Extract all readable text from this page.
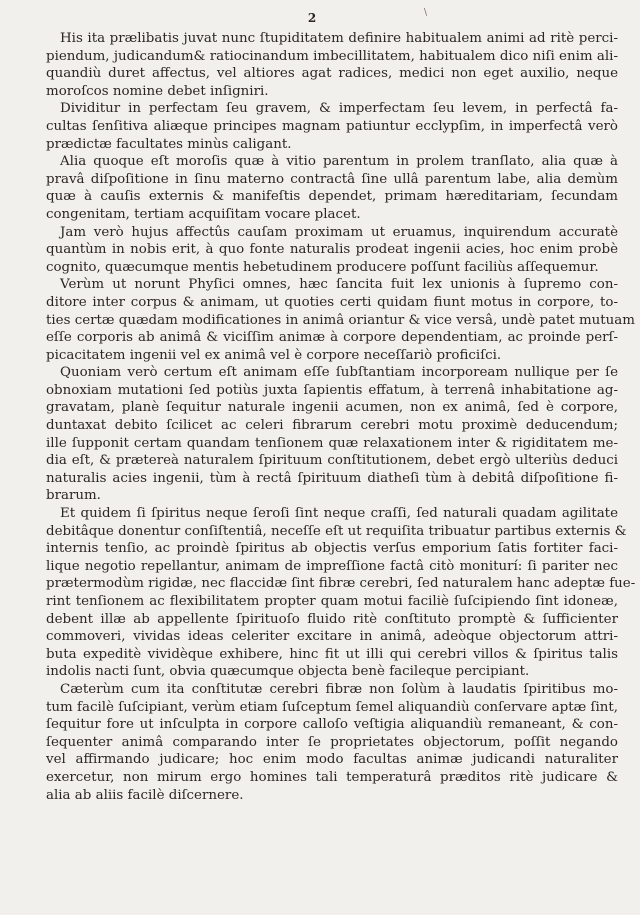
2	\
His ita prælibatis juvat nunc ſtupiditatem definire habitualem animi ad ritè perci-
piendum, judicandum& ratiocinandum imbecillitatem, habitualem dico niſi enim ali-
quandiù duret affectus, vel altiores agat radices, medici non eget auxilio, neque
moroſcos nomine debet inſigniri.
Dividitur in perfectam ſeu gravem, & imperfectam ſeu levem, in perfectâ fa-
cultas ſenſitiva aliæque principes magnam patiuntur ecclypſim, in imperfectâ verò
prædictæ facultates minùs caligant.
Alia quoque eſt moroſis quæ à vitio parentum in prolem tranſlato, alia quæ à
pravâ diſpoſitione in ſinu materno contractâ ſine ullâ parentum labe, alia demùm
quæ à cauſis externis & manifeſtis dependet, primam hæreditariam, ſecundam
congenitam, tertiam acquiſitam vocare placet.
Jam verò hujus affectûs cauſam proximam ut eruamus, inquirendum accuratè
quantùm in nobis erit, à quo fonte naturalis prodeat ingenii acies, hoc enim probè
cognito, quæcumque mentis hebetudinem producere poſſunt faciliùs aſſequemur.
Verùm ut norunt Phyſici omnes, hæc ſancita fuit lex unionis à ſupremo con-
ditore inter corpus & animam, ut quoties certi quidam fiunt motus in corpore, to-
ties certæ quædam modificationes in animâ oriantur & vice versâ, undè patet mutuam
eſſe corporis ab animâ & viciſſim animæ à corpore dependentiam, ac proinde perſ-
picacitatem ingenii vel ex animâ vel è corpore neceſſariò proficiſci.
Quoniam verò certum eſt animam eſſe ſubſtantiam incorpoream nullique per ſe
obnoxiam mutationi ſed potiùs juxta ſapientis effatum, à terrenâ inhabitatione ag-
gravatam, planè ſequitur naturale ingenii acumen, non ex animâ, ſed è corpore,
duntaxat debito ſcilicet ac celeri fibrarum cerebri motu proximè deducendum;
ille ſupponit certam quandam tenſionem quæ relaxationem inter & rigiditatem me-
dia eſt, & prætereà naturalem ſpirituum conſtitutionem, debet ergò ulteriùs deduci
naturalis acies ingenii, tùm à rectâ ſpirituum diatheſi tùm à debitâ diſpoſitione fi-
brarum.
Et quidem ſi ſpiritus neque ſeroſi ſint neque craſſi, ſed naturali quadam agilitate
debitâque donentur conſiſtentiâ, neceſſe eſt ut requiſita tribuatur partibus externis &
internis tenſio, ac proindè ſpiritus ab objectis verſus emporium ſatis fortiter faci-
lique negotio repellantur, animam de impreſſione factâ citò moniturí: ſi pariter nec
prætermodùm rigidæ, nec flaccidæ ſint fibræ cerebri, ſed naturalem hanc adeptæ fue-
rint tenſionem ac flexibilitatem propter quam motui faciliè ſuſcipiendo ſint idoneæ,
debent illæ ab appellente ſpirituoſo fluido ritè conſtituto promptè & ſufficienter
commoveri, vividas ideas celeriter excitare in animâ, adeòque objectorum attri-
buta expeditè vividèque exhibere, hinc fit ut illi qui cerebri villos & ſpiritus talis
indolis nacti ſunt, obvia quæcumque objecta benè facileque percipiant.
Cæterùm cum ita conſtitutæ cerebri fibræ non ſolùm à laudatis ſpiritibus mo-
tum facilè ſuſcipiant, verùm etiam ſuſceptum ſemel aliquandiù conſervare aptæ ſint,
ſequitur fore ut inſculpta in corpore calloſo veſtigia aliquandiù remaneant, & con-
ſequenter animâ comparando inter ſe proprietates objectorum, poſſit negando
vel affirmando judicare; hoc enim modo facultas animæ judicandi naturaliter
exercetur, non mirum ergo homines tali temperaturâ præditos ritè judicare &
alia ab aliis facilè diſcernere.
